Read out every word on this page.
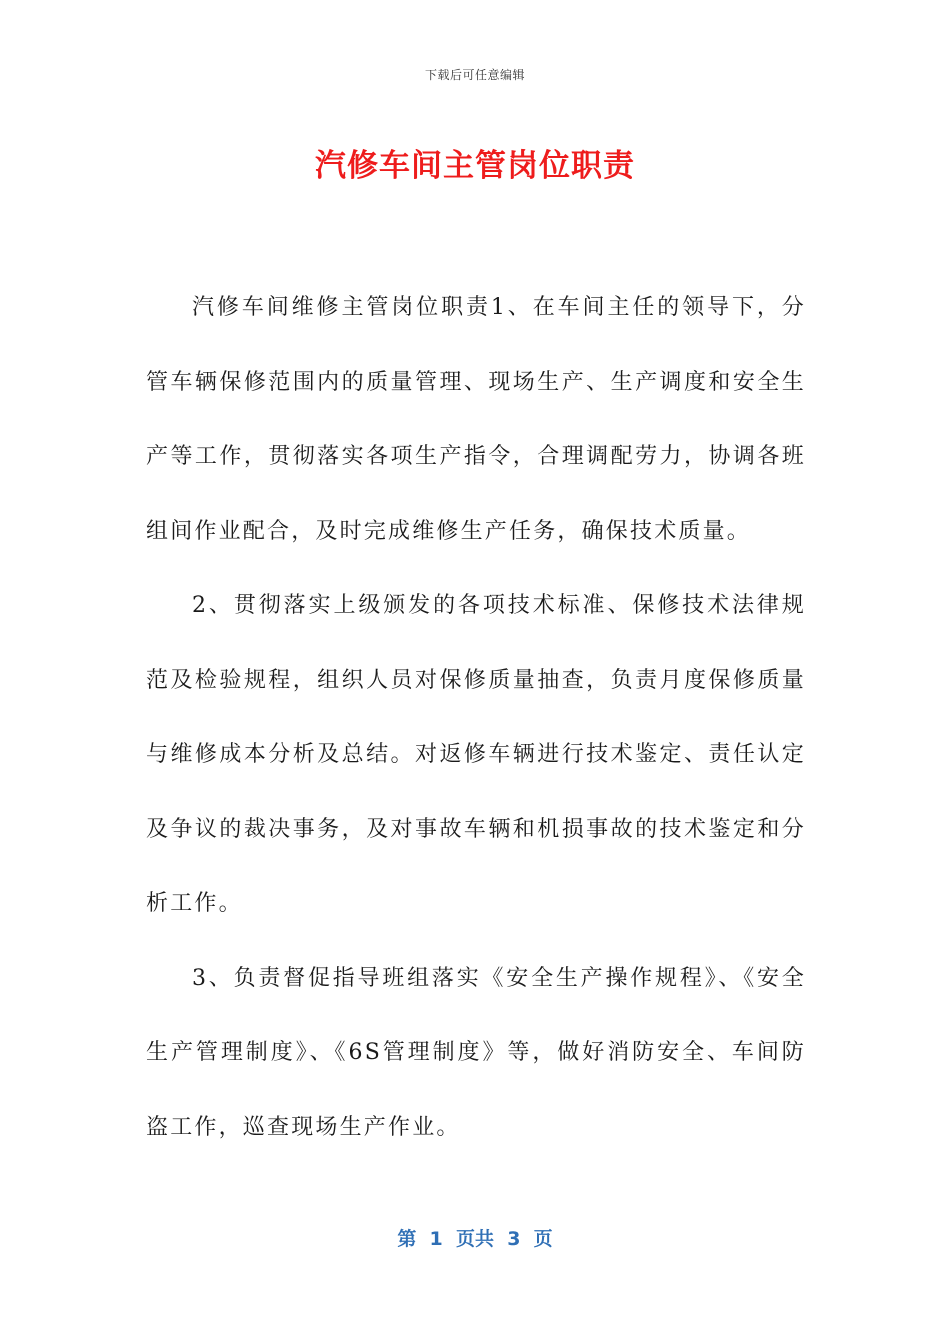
下载后可任意编辑
汽修车间主管岗位职责

汽修车间维修主管岗位职责1、在车间主任的领导下，分管车辆保修范围内的质量管理、现场生产、生产调度和安全生产等工作，贯彻落实各项生产指令，合理调配劳力，协调各班组间作业配合，及时完成维修生产任务，确保技术质量。

2、贯彻落实上级颁发的各项技术标准、保修技术法律规范及检验规程，组织人员对保修质量抽查，负责月度保修质量与维修成本分析及总结。对返修车辆进行技术鉴定、责任认定及争议的裁决事务，及对事故车辆和机损事故的技术鉴定和分析工作。

3、负责督促指导班组落实《安全生产操作规程》、《安全生产管理制度》、《6S管理制度》等，做好消防安全、车间防盗工作，巡查现场生产作业。

第  1  页共  3  页
